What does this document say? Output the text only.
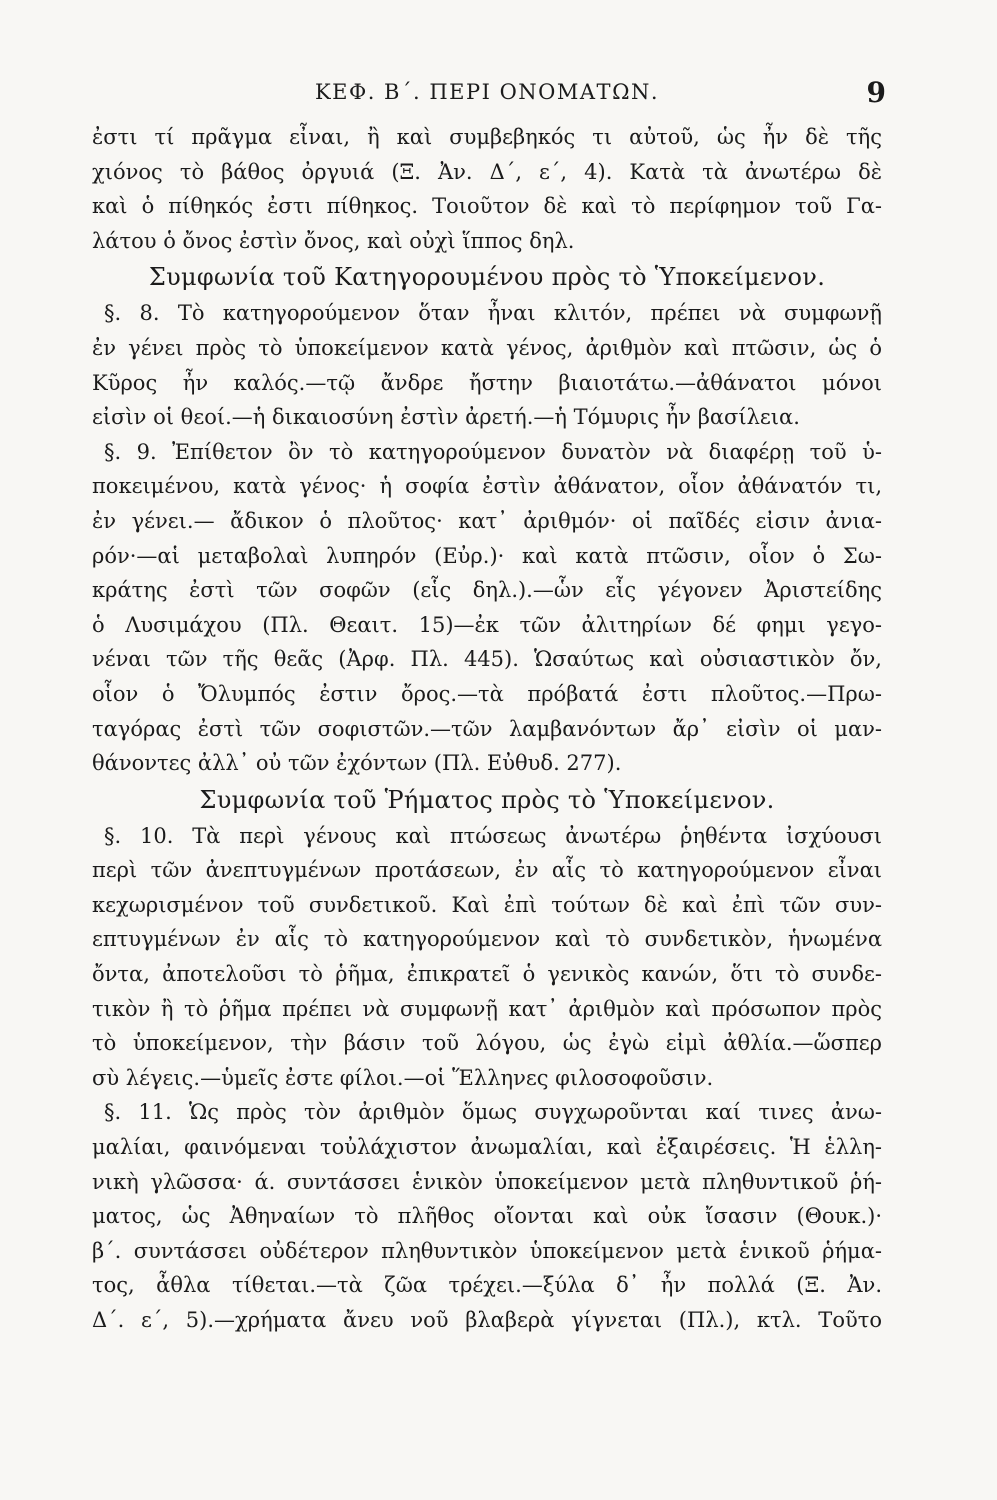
ΚΕΦ. Β΄. ΠΕΡΙ ΟΝΟΜΑΤΩΝ.	9
ἐστι τί πρᾶγμα εἶναι, ἢ καὶ συμβεβηκός τι αὐτοῦ, ὡς ἦν δὲ τῆς
χιόνος τὸ βάθος ὀργυιά (Ξ. Ἀν. Δ΄, ε΄, 4). Κατὰ τὰ ἀνωτέρω δὲ
καὶ ὁ πίθηκός ἐστι πίθηκος. Τοιοῦτον δὲ καὶ τὸ περίφημον τοῦ Γα-
λάτου ὁ ὄνος ἐστὶν ὄνος, καὶ οὐχὶ ἵππος δηλ.
Συμφωνία τοῦ Κατηγορουμένου πρὸς τὸ Ὑποκείμενον.
§. 8. Τὸ κατηγορούμενον ὅταν ἦναι κλιτόν, πρέπει νὰ συμφωνῇ
ἐν γένει πρὸς τὸ ὑποκείμενον κατὰ γένος, ἀριθμὸν καὶ πτῶσιν, ὡς ὁ
Κῦρος ἦν καλός.—τῷ ἄνδρε ἤστην βιαιοτάτω.—ἀθάνατοι μόνοι
εἰσὶν οἱ θεοί.—ἡ δικαιοσύνη ἐστὶν ἀρετή.—ἡ Τόμυρις ἦν βασίλεια.
§. 9. Ἐπίθετον ὂν τὸ κατηγορούμενον δυνατὸν νὰ διαφέρῃ τοῦ ὑ-
ποκειμένου, κατὰ γένος· ἡ σοφία ἐστὶν ἀθάνατον, οἷον ἀθάνατόν τι,
ἐν γένει.— ἄδικον ὁ πλοῦτος· κατ᾽ ἀριθμόν· οἱ παῖδές εἰσιν ἀνια-
ρόν·—αἱ μεταβολαὶ λυπηρόν (Εὐρ.)· καὶ κατὰ πτῶσιν, οἷον ὁ Σω-
κράτης ἐστὶ τῶν σοφῶν (εἷς δηλ.).—ὧν εἷς γέγονεν Ἀριστείδης
ὁ Λυσιμάχου (Πλ. Θεαιτ. 15)—ἐκ τῶν ἀλιτηρίων δέ φημι γεγο-
νέναι τῶν τῆς θεᾶς (Ἀρφ. Πλ. 445). Ὡσαύτως καὶ οὐσιαστικὸν ὄν,
οἷον ὁ Ὄλυμπός ἐστιν ὄρος.—τὰ πρόβατά ἐστι πλοῦτος.—Πρω-
ταγόρας ἐστὶ τῶν σοφιστῶν.—τῶν λαμβανόντων ἄρ᾽ εἰσὶν οἱ μαν-
θάνοντες ἀλλ᾽ οὐ τῶν ἐχόντων (Πλ. Εὐθυδ. 277).
Συμφωνία τοῦ Ῥήματος πρὸς τὸ Ὑποκείμενον.
§. 10. Τὰ περὶ γένους καὶ πτώσεως ἀνωτέρω ῥηθέντα ἰσχύουσι
περὶ τῶν ἀνεπτυγμένων προτάσεων, ἐν αἷς τὸ κατηγορούμενον εἶναι
κεχωρισμένον τοῦ συνδετικοῦ. Καὶ ἐπὶ τούτων δὲ καὶ ἐπὶ τῶν συν-
επτυγμένων ἐν αἷς τὸ κατηγορούμενον καὶ τὸ συνδετικὸν, ἡνωμένα
ὄντα, ἀποτελοῦσι τὸ ῥῆμα, ἐπικρατεῖ ὁ γενικὸς κανών, ὅτι τὸ συνδε-
τικὸν ἢ τὸ ῥῆμα πρέπει νὰ συμφωνῇ κατ᾽ ἀριθμὸν καὶ πρόσωπον πρὸς
τὸ ὑποκείμενον, τὴν βάσιν τοῦ λόγου, ὡς ἐγὼ εἰμὶ ἀθλία.—ὥσπερ
σὺ λέγεις.—ὑμεῖς ἐστε φίλοι.—οἱ Ἕλληνες φιλοσοφοῦσιν.
§. 11. Ὡς πρὸς τὸν ἀριθμὸν ὅμως συγχωροῦνται καί τινες ἀνω-
μαλίαι, φαινόμεναι τοὐλάχιστον ἀνωμαλίαι, καὶ ἐξαιρέσεις. Ἡ ἑλλη-
νικὴ γλῶσσα· ά. συντάσσει ἑνικὸν ὑποκείμενον μετὰ πληθυντικοῦ ῥή-
ματος, ὡς Ἀθηναίων τὸ πλῆθος οἴονται καὶ οὐκ ἴσασιν (Θουκ.)·
β΄. συντάσσει οὐδέτερον πληθυντικὸν ὑποκείμενον μετὰ ἑνικοῦ ῥήμα-
τος, ἆθλα τίθεται.—τὰ ζῶα τρέχει.—ξύλα δ᾽ ἦν πολλά (Ξ. Ἀν.
Δ΄. ε΄, 5).—χρήματα ἄνευ νοῦ βλαβερὰ γίγνεται (Πλ.), κτλ. Τοῦτο
